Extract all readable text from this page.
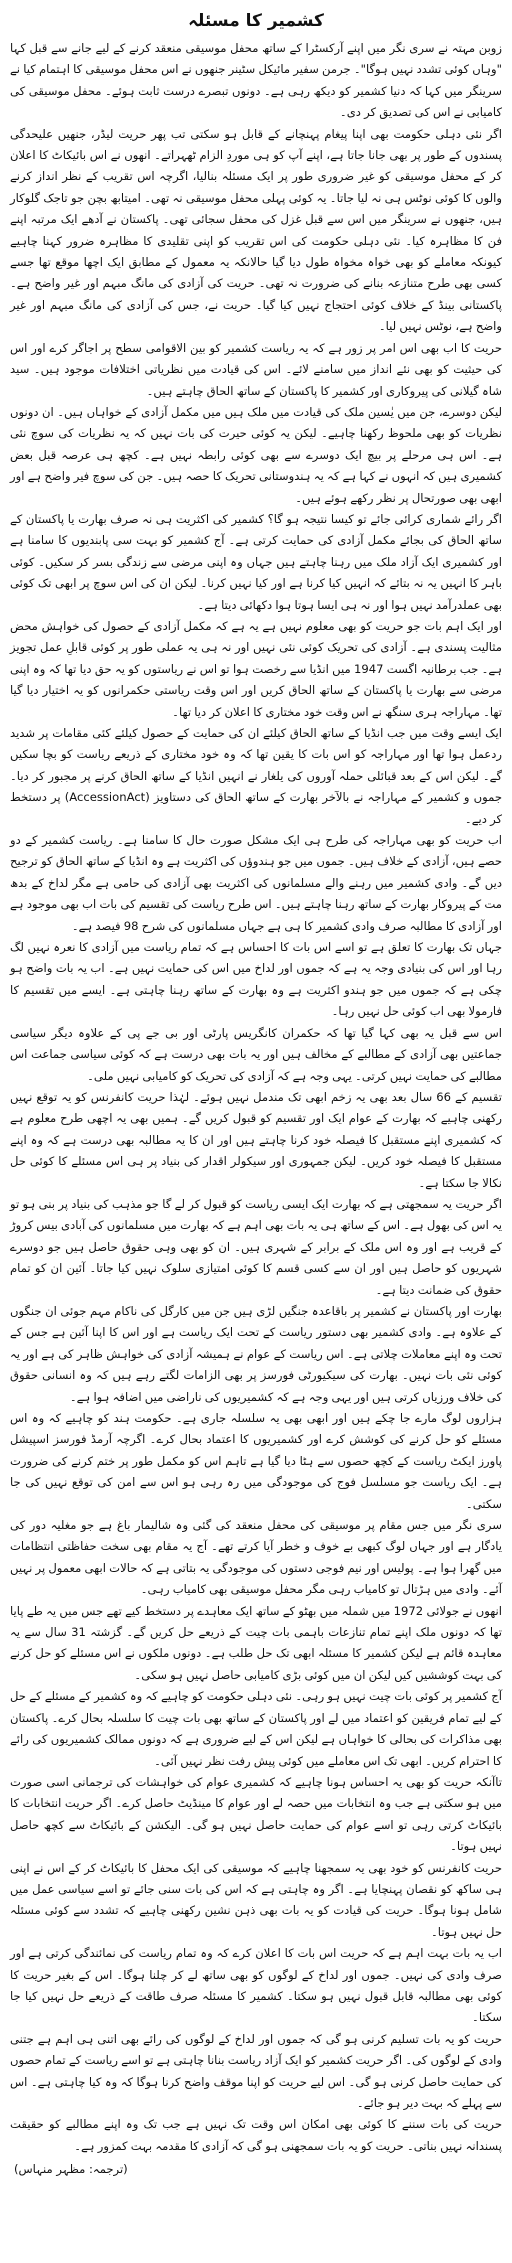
کشمیر کا مسئلہ

زوبن مہتہ نے سری نگر میں اپنے آرکسٹرا کے ساتھ محفل موسیقی منعقد کرنے کے لیے جانے سے قبل کہا "وہاں کوئی تشدد نہیں ہوگا"۔ جرمن سفیر مائیکل سٹینر جنھوں نے اس محفل موسیقی کا اہتمام کیا نے سرینگر میں کہا کہ دنیا کشمیر کو دیکھ رہی ہے۔ دونوں تبصرے درست ثابت ہوئے۔ محفل موسیقی کی کامیابی نے اس کی تصدیق کر دی۔

اگر نئی دہلی حکومت بھی اپنا پیغام پہنچانے کے قابل ہو سکتی تب پھر حریت لیڈر، جنھیں علیحدگی پسندوں کے طور پر بھی جانا جاتا ہے، اپنے آپ کو ہی موردِ الزام ٹھہراتے۔ انھوں نے اس بائیکاٹ کا اعلان کر کے محفل موسیقی کو غیر ضروری طور پر ایک مسئلہ بنالیا، اگرچہ اس تقریب کے نظر انداز کرنے والوں کا کوئی نوٹس ہی نہ لیا جاتا۔ یہ کوئی پہلی محفل موسیقی نہ تھی۔ امیتابھ بچن جو تاجک گلوکار ہیں، جنھوں نے سرینگر میں اس سے قبل غزل کی محفل سجائی تھی۔ پاکستان نے آدھے ایک مرتبہ اپنے فن کا مظاہرہ کیا۔ نئی دہلی حکومت کی اس تقریب کو اپنی تقلیدی کا مظاہرہ ضرور کہنا چاہیے کیونکہ معاملے کو بھی خواہ مخواہ طول دیا گیا حالانکہ یہ معمول کے مطابق ایک اچھا موقع تھا جسے کسی بھی طرح متنازعہ بنانے کی ضرورت نہ تھی۔ حریت کی آزادی کی مانگ مبہم اور غیر واضح ہے۔ پاکستانی بینڈ کے خلاف کوئی احتجاج نہیں کیا گیا۔ حریت نے، جس کی آزادی کی مانگ مبہم اور غیر واضح ہے، نوٹس نہیں لیا۔

حریت کا اب بھی اس امر پر زور ہے کہ یہ ریاست کشمیر کو بین الاقوامی سطح پر اجاگر کرے اور اس کی حیثیت کو بھی نئے انداز میں سامنے لائے۔ اس کی قیادت میں نظریاتی اختلافات موجود ہیں۔ سید شاہ گیلانی کی پیروکاری اور کشمیر کا پاکستان کے ساتھ الحاق چاہتے ہیں۔

لیکن دوسرے، جن میں یٰسین ملک کی قیادت میں ملک ہیں میں مکمل آزادی کے خواہاں ہیں۔ ان دونوں نظریات کو بھی ملحوظ رکھنا چاہیے۔ لیکن یہ کوئی حیرت کی بات نہیں کہ یہ نظریات کی سوچ نئی ہے۔ اس ہی مرحلے پر بیچ ایک دوسرے سے بھی کوئی رابطہ نہیں ہے۔ کچھ ہی عرصہ قبل بعض کشمیری ہیں کہ انہوں نے کہا ہے کہ یہ ہندوستانی تحریک کا حصہ ہیں۔ جن کی سوچ فیر واضح ہے اور ابھی بھی صورتحال پر نظر رکھے ہوئے ہیں۔

اگر رائے شماری کرائی جائے تو کیسا نتیجہ ہو گا؟ کشمیر کی اکثریت ہی نہ صرف بھارت یا پاکستان کے ساتھ الحاق کی بجائے مکمل آزادی کی حمایت کرتی ہے۔ آج کشمیر کو بہت سی پابندیوں کا سامنا ہے اور کشمیری ایک آزاد ملک میں رہنا چاہتے ہیں جہاں وہ اپنی مرضی سے زندگی بسر کر سکیں۔ کوئی باہر کا انہیں یہ نہ بتائے کہ انہیں کیا کرنا ہے اور کیا نہیں کرنا۔ لیکن ان کی اس سوچ پر ابھی تک کوئی بھی عملدرآمد نہیں ہوا اور نہ ہی ایسا ہوتا ہوا دکھائی دیتا ہے۔

اور ایک اہم بات جو حریت کو بھی معلوم نہیں ہے یہ ہے کہ مکمل آزادی کے حصول کی خواہش محض مثالیت پسندی ہے۔ آزادی کی تحریک کوئی نئی نہیں اور نہ ہی یہ عملی طور پر کوئی قابلِ عمل تجویز ہے۔ جب برطانیہ اگست 1947 میں انڈیا سے رخصت ہوا تو اس نے ریاستوں کو یہ حق دیا تھا کہ وہ اپنی مرضی سے بھارت یا پاکستان کے ساتھ الحاق کریں اور اس وقت ریاستی حکمرانوں کو یہ اختیار دیا گیا تھا۔ مہاراجہ ہری سنگھ نے اس وقت خود مختاری کا اعلان کر دیا تھا۔

ایک ایسے وقت میں جب انڈیا کے ساتھ الحاق کیلئے ان کی حمایت کے حصول کیلئے کئی مقامات پر شدید ردعمل ہوا تھا اور مہاراجہ کو اس بات کا یقین تھا کہ وہ خود مختاری کے ذریعے ریاست کو بچا سکیں گے۔ لیکن اس کے بعد قبائلی حملہ آوروں کی یلغار نے انہیں انڈیا کے ساتھ الحاق کرنے پر مجبور کر دیا۔ جموں و کشمیر کے مہاراجہ نے بالآخر بھارت کے ساتھ الحاق کی دستاویز (AccessionAct) پر دستخط کر دیے۔

اب حریت کو بھی مہاراجہ کی طرح ہی ایک مشکل صورت حال کا سامنا ہے۔ ریاست کشمیر کے دو حصے ہیں، آزادی کے خلاف ہیں۔ جموں میں جو ہندوؤں کی اکثریت ہے وہ انڈیا کے ساتھ الحاق کو ترجیح دیں گے۔ وادی کشمیر میں رہنے والے مسلمانوں کی اکثریت بھی آزادی کی حامی ہے مگر لداخ کے بدھ مت کے پیروکار بھارت کے ساتھ رہنا چاہتے ہیں۔ اس طرح ریاست کی تقسیم کی بات اب بھی موجود ہے اور آزادی کا مطالبہ صرف وادی کشمیر کا ہی ہے جہاں مسلمانوں کی شرح 98 فیصد ہے۔

جہاں تک بھارت کا تعلق ہے تو اسے اس بات کا احساس ہے کہ تمام ریاست میں آزادی کا نعرہ نہیں لگ رہا اور اس کی بنیادی وجہ یہ ہے کہ جموں اور لداخ میں اس کی حمایت نہیں ہے۔ اب یہ بات واضح ہو چکی ہے کہ جموں میں جو ہندو اکثریت ہے وہ بھارت کے ساتھ رہنا چاہتی ہے۔ ایسے میں تقسیم کا فارمولا بھی اب کوئی حل نہیں رہا۔

اس سے قبل یہ بھی کہا گیا تھا کہ حکمران کانگریس پارٹی اور بی جے پی کے علاوہ دیگر سیاسی جماعتیں بھی آزادی کے مطالبے کے مخالف ہیں اور یہ بات بھی درست ہے کہ کوئی سیاسی جماعت اس مطالبے کی حمایت نہیں کرتی۔ یہی وجہ ہے کہ آزادی کی تحریک کو کامیابی نہیں ملی۔

تقسیم کے 66 سال بعد بھی یہ زخم ابھی تک مندمل نہیں ہوئے۔ لہٰذا حریت کانفرنس کو یہ توقع نہیں رکھنی چاہیے کہ بھارت کے عوام ایک اور تقسیم کو قبول کریں گے۔ ہمیں بھی یہ اچھی طرح معلوم ہے کہ کشمیری اپنے مستقبل کا فیصلہ خود کرنا چاہتے ہیں اور ان کا یہ مطالبہ بھی درست ہے کہ وہ اپنے مستقبل کا فیصلہ خود کریں۔ لیکن جمہوری اور سیکولر اقدار کی بنیاد پر ہی اس مسئلے کا کوئی حل نکالا جا سکتا ہے۔

اگر حریت یہ سمجھتی ہے کہ بھارت ایک ایسی ریاست کو قبول کر لے گا جو مذہب کی بنیاد پر بنی ہو تو یہ اس کی بھول ہے۔ اس کے ساتھ ہی یہ بات بھی اہم ہے کہ بھارت میں مسلمانوں کی آبادی بیس کروڑ کے قریب ہے اور وہ اس ملک کے برابر کے شہری ہیں۔ ان کو بھی وہی حقوق حاصل ہیں جو دوسرے شہریوں کو حاصل ہیں اور ان سے کسی قسم کا کوئی امتیازی سلوک نہیں کیا جاتا۔ آئین ان کو تمام حقوق کی ضمانت دیتا ہے۔

بھارت اور پاکستان نے کشمیر پر باقاعدہ جنگیں لڑی ہیں جن میں کارگل کی ناکام مہم جوئی ان جنگوں کے علاوہ ہے۔ وادی کشمیر بھی دستور ریاست کے تحت ایک ریاست ہے اور اس کا اپنا آئین ہے جس کے تحت وہ اپنے معاملات چلاتی ہے۔ اس ریاست کے عوام نے ہمیشہ آزادی کی خواہش ظاہر کی ہے اور یہ کوئی نئی بات نہیں۔ بھارت کی سیکیورٹی فورسز پر بھی الزامات لگتے رہے ہیں کہ وہ انسانی حقوق کی خلاف ورزیاں کرتی ہیں اور یہی وجہ ہے کہ کشمیریوں کی ناراضی میں اضافہ ہوا ہے۔

ہزاروں لوگ مارے جا چکے ہیں اور ابھی بھی یہ سلسلہ جاری ہے۔ حکومت ہند کو چاہیے کہ وہ اس مسئلے کو حل کرنے کی کوشش کرے اور کشمیریوں کا اعتماد بحال کرے۔ اگرچہ آرمڈ فورسز اسپیشل پاورز ایکٹ ریاست کے کچھ حصوں سے ہٹا دیا گیا ہے تاہم اس کو مکمل طور پر ختم کرنے کی ضرورت ہے۔ ایک ریاست جو مسلسل فوج کی موجودگی میں رہ رہی ہو اس سے امن کی توقع نہیں کی جا سکتی۔

سری نگر میں جس مقام پر موسیقی کی محفل منعقد کی گئی وہ شالیمار باغ ہے جو مغلیہ دور کی یادگار ہے اور جہاں لوگ کبھی بے خوف و خطر آیا کرتے تھے۔ آج یہ مقام بھی سخت حفاظتی انتظامات میں گھرا ہوا ہے۔ پولیس اور نیم فوجی دستوں کی موجودگی یہ بتاتی ہے کہ حالات ابھی معمول پر نہیں آئے۔ وادی میں ہڑتال تو کامیاب رہی مگر محفل موسیقی بھی کامیاب رہی۔

انھوں نے جولائی 1972 میں شملہ میں بھٹو کے ساتھ ایک معاہدے پر دستخط کیے تھے جس میں یہ طے پایا تھا کہ دونوں ملک اپنے تمام تنازعات باہمی بات چیت کے ذریعے حل کریں گے۔ گزشتہ 31 سال سے یہ معاہدہ قائم ہے لیکن کشمیر کا مسئلہ ابھی تک حل طلب ہے۔ دونوں ملکوں نے اس مسئلے کو حل کرنے کی بہت کوششیں کیں لیکن ان میں کوئی بڑی کامیابی حاصل نہیں ہو سکی۔

آج کشمیر پر کوئی بات چیت نہیں ہو رہی۔ نئی دہلی حکومت کو چاہیے کہ وہ کشمیر کے مسئلے کے حل کے لیے تمام فریقین کو اعتماد میں لے اور پاکستان کے ساتھ بھی بات چیت کا سلسلہ بحال کرے۔ پاکستان بھی مذاکرات کی بحالی کا خواہاں ہے لیکن اس کے لیے ضروری ہے کہ دونوں ممالک کشمیریوں کی رائے کا احترام کریں۔ ابھی تک اس معاملے میں کوئی پیش رفت نظر نہیں آئی۔

تاآنکہ حریت کو بھی یہ احساس ہونا چاہیے کہ کشمیری عوام کی خواہشات کی ترجمانی اسی صورت میں ہو سکتی ہے جب وہ انتخابات میں حصہ لے اور عوام کا مینڈیٹ حاصل کرے۔ اگر حریت انتخابات کا بائیکاٹ کرتی رہی تو اسے عوام کی حمایت حاصل نہیں ہو گی۔ الیکشن کے بائیکاٹ سے کچھ حاصل نہیں ہوتا۔

حریت کانفرنس کو خود بھی یہ سمجھنا چاہیے کہ موسیقی کی ایک محفل کا بائیکاٹ کر کے اس نے اپنی ہی ساکھ کو نقصان پہنچایا ہے۔ اگر وہ چاہتی ہے کہ اس کی بات سنی جائے تو اسے سیاسی عمل میں شامل ہونا ہوگا۔ حریت کی قیادت کو یہ بات بھی ذہن نشین رکھنی چاہیے کہ تشدد سے کوئی مسئلہ حل نہیں ہوتا۔

اب یہ بات بہت اہم ہے کہ حریت اس بات کا اعلان کرے کہ وہ تمام ریاست کی نمائندگی کرتی ہے اور صرف وادی کی نہیں۔ جموں اور لداخ کے لوگوں کو بھی ساتھ لے کر چلنا ہوگا۔ اس کے بغیر حریت کا کوئی بھی مطالبہ قابل قبول نہیں ہو سکتا۔ کشمیر کا مسئلہ صرف طاقت کے ذریعے حل نہیں کیا جا سکتا۔

حریت کو یہ بات تسلیم کرنی ہو گی کہ جموں اور لداخ کے لوگوں کی رائے بھی اتنی ہی اہم ہے جتنی وادی کے لوگوں کی۔ اگر حریت کشمیر کو ایک آزاد ریاست بنانا چاہتی ہے تو اسے ریاست کے تمام حصوں کی حمایت حاصل کرنی ہو گی۔ اس لیے حریت کو اپنا موقف واضح کرنا ہوگا کہ وہ کیا چاہتی ہے۔ اس سے پہلے کہ بہت دیر ہو جائے۔

حریت کی بات سننے کا کوئی بھی امکان اس وقت تک نہیں ہے جب تک وہ اپنے مطالبے کو حقیقت پسندانہ نہیں بناتی۔ حریت کو یہ بات سمجھنی ہو گی کہ آزادی کا مقدمہ بہت کمزور ہے۔

(ترجمہ: مظہر منہاس)
